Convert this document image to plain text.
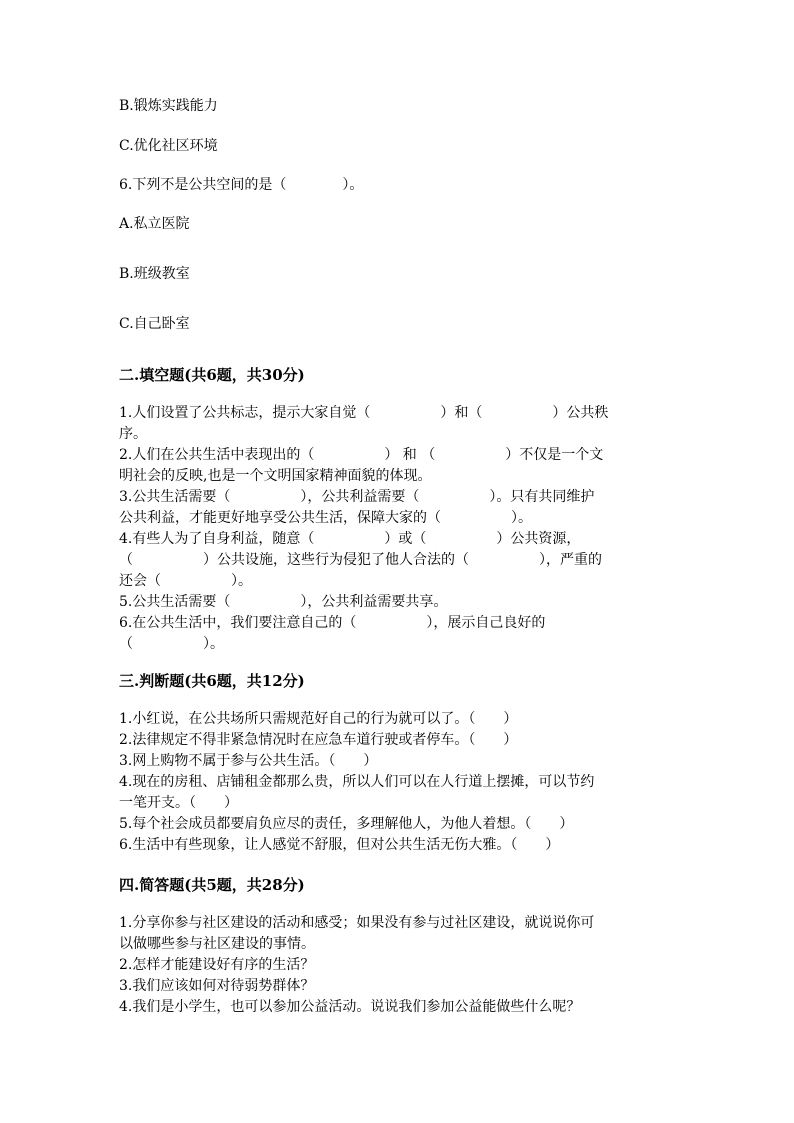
B.锻炼实践能力
C.优化社区环境
6.下列不是公共空间的是（　　　　）。
A.私立医院
B.班级教室
C.自己卧室
二.填空题(共6题，共30分)
1.人们设置了公共标志，提示大家自觉（　　　　　）和（　　　　　）公共秩
序。
2.人们在公共生活中表现出的（　　　　　） 和 （　　　　　）不仅是一个文
明社会的反映,也是一个文明国家精神面貌的体现。
3.公共生活需要（　　　　　），公共利益需要（　　　　　）。只有共同维护
公共利益，才能更好地享受公共生活，保障大家的（　　　　　）。
4.有些人为了自身利益，随意（　　　　　）或（　　　　　）公共资源，
（　　　　　）公共设施，这些行为侵犯了他人合法的（　　　　　），严重的
还会（　　　　　）。
5.公共生活需要（　　　　　），公共利益需要共享。
6.在公共生活中，我们要注意自己的（　　　　　），展示自己良好的
（　　　　　）。
三.判断题(共6题，共12分)
1.小红说，在公共场所只需规范好自己的行为就可以了。（　　）
2.法律规定不得非紧急情况时在应急车道行驶或者停车。（　　）
3.网上购物不属于参与公共生活。（　　）
4.现在的房租、店铺租金都那么贵，所以人们可以在人行道上摆摊，可以节约
一笔开支。（　　）
5.每个社会成员都要肩负应尽的责任，多理解他人，为他人着想。（　　）
6.生活中有些现象，让人感觉不舒服，但对公共生活无伤大雅。（　　）
四.简答题(共5题，共28分)
1.分享你参与社区建设的活动和感受；如果没有参与过社区建设，就说说你可
以做哪些参与社区建设的事情。
2.怎样才能建设好有序的生活？
3.我们应该如何对待弱势群体？
4.我们是小学生，也可以参加公益活动。说说我们参加公益能做些什么呢？
